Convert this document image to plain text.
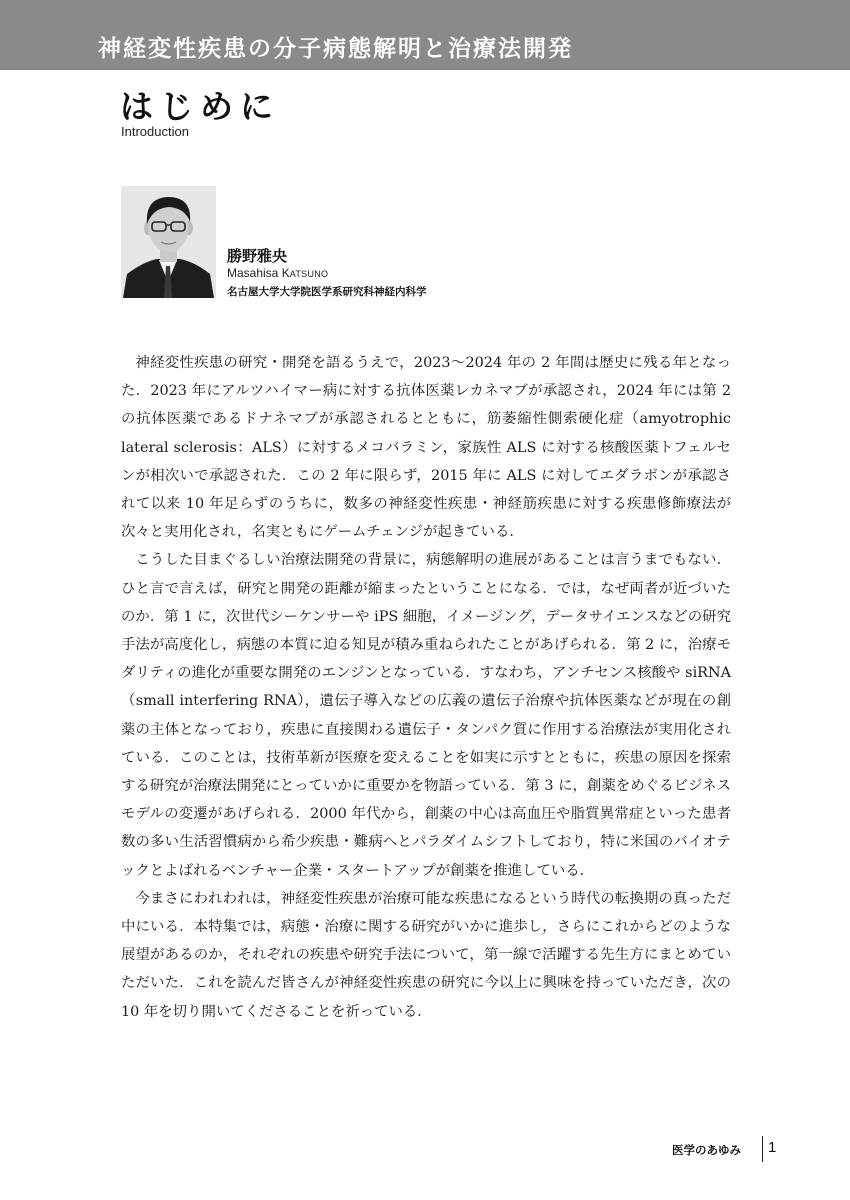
神経変性疾患の分子病態解明と治療法開発
はじめに
Introduction
勝野雅央
Masahisa KATSUNO
名古屋大学大学院医学系研究科神経内科学

神経変性疾患の研究・開発を語るうえで，2023〜2024 年の 2 年間は歴史に残る年となった．2023 年にアルツハイマー病に対する抗体医薬レカネマブが承認され，2024 年には第 2 の抗体医薬であるドナネマブが承認されるとともに，筋萎縮性側索硬化症（amyotrophic lateral sclerosis：ALS）に対するメコバラミン，家族性 ALS に対する核酸医薬トフェルセンが相次いで承認された．この 2 年に限らず，2015 年に ALS に対してエダラボンが承認されて以来 10 年足らずのうちに，数多の神経変性疾患・神経筋疾患に対する疾患修飾療法が次々と実用化され，名実ともにゲームチェンジが起きている．

こうした目まぐるしい治療法開発の背景に，病態解明の進展があることは言うまでもない．ひと言で言えば，研究と開発の距離が縮まったということになる．では，なぜ両者が近づいたのか．第 1 に，次世代シーケンサーや iPS 細胞，イメージング，データサイエンスなどの研究手法が高度化し，病態の本質に迫る知見が積み重ねられたことがあげられる．第 2 に，治療モダリティの進化が重要な開発のエンジンとなっている．すなわち，アンチセンス核酸や siRNA（small interfering RNA），遺伝子導入などの広義の遺伝子治療や抗体医薬などが現在の創薬の主体となっており，疾患に直接関わる遺伝子・タンパク質に作用する治療法が実用化されている．このことは，技術革新が医療を変えることを如実に示すとともに，疾患の原因を探索する研究が治療法開発にとっていかに重要かを物語っている．第 3 に，創薬をめぐるビジネスモデルの変遷があげられる．2000 年代から，創薬の中心は高血圧や脂質異常症といった患者数の多い生活習慣病から希少疾患・難病へとパラダイムシフトしており，特に米国のバイオテックとよばれるベンチャー企業・スタートアップが創薬を推進している．

今まさにわれわれは，神経変性疾患が治療可能な疾患になるという時代の転換期の真っただ中にいる．本特集では，病態・治療に関する研究がいかに進歩し，さらにこれからどのような展望があるのか，それぞれの疾患や研究手法について，第一線で活躍する先生方にまとめていただいた．これを読んだ皆さんが神経変性疾患の研究に今以上に興味を持っていただき，次の 10 年を切り開いてくださることを祈っている．

医学のあゆみ 1
